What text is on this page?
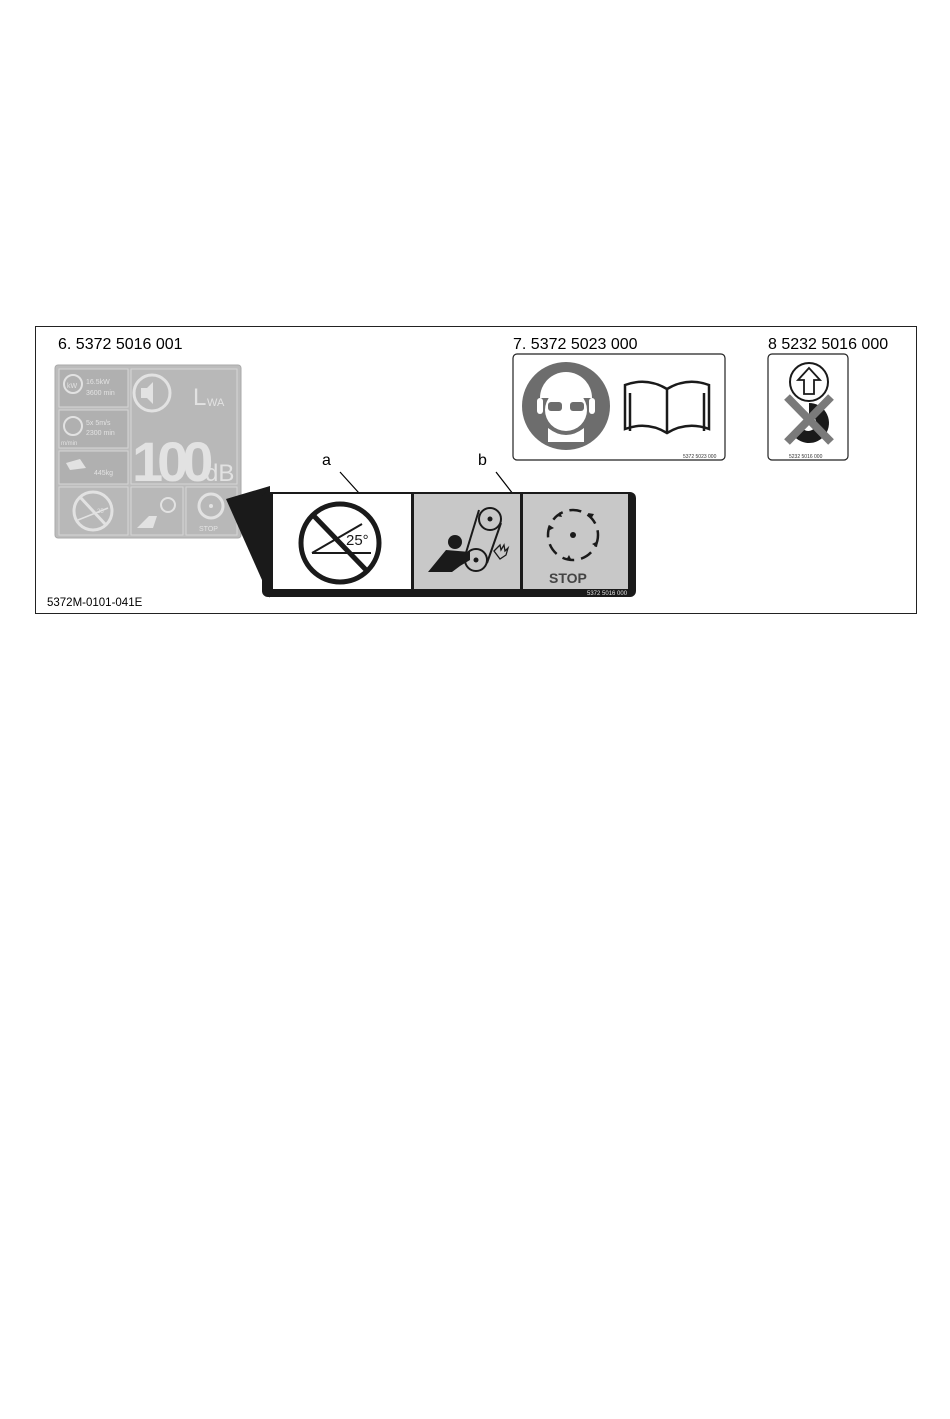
6. 5372 5016 001	7. 5372 5023 000	8 5232 5016 000
a	b
5372M-0101-041E
kW
16.5kW
3600 min
5x 5m/s
2300 min
m/min
445kg
L WA
100
dB
STOP
25
25°
STOP
5372 5016 000
5372 5023 000	5232 5016 000
